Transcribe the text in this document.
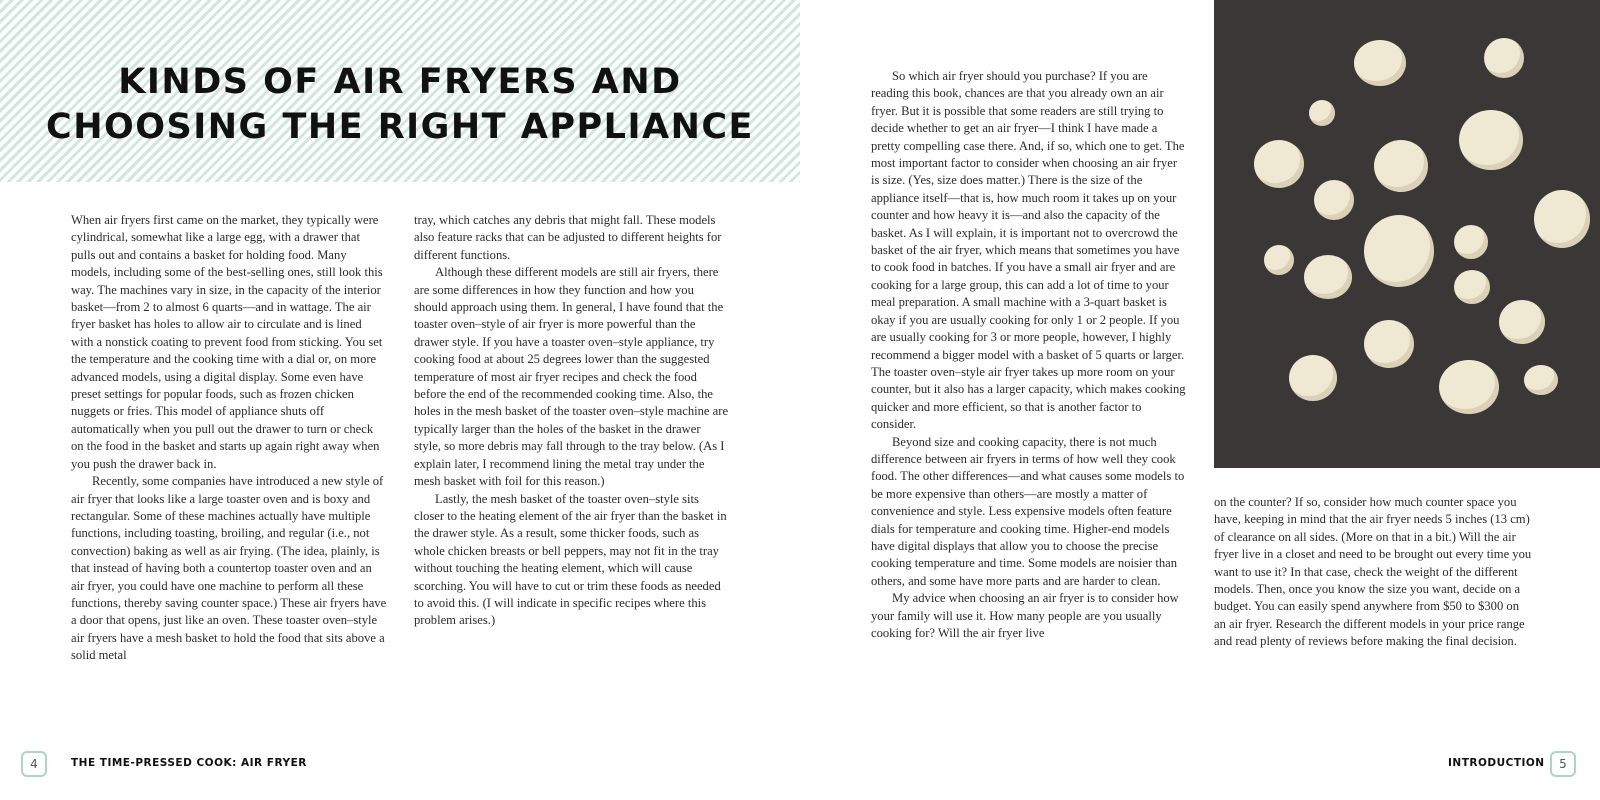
KINDS OF AIR FRYERS AND
CHOOSING THE RIGHT APPLIANCE

When air fryers first came on the market, they typically were cylindrical, somewhat like a large egg, with a drawer that pulls out and contains a basket for holding food. Many models, including some of the best-selling ones, still look this way. The machines vary in size, in the capacity of the interior basket—from 2 to almost 6 quarts—and in wattage. The air fryer basket has holes to allow air to circulate and is lined with a nonstick coating to prevent food from sticking. You set the temperature and the cooking time with a dial or, on more advanced models, using a digital display. Some even have preset settings for popular foods, such as frozen chicken nuggets or fries. This model of appliance shuts off automatically when you pull out the drawer to turn or check on the food in the basket and starts up again right away when you push the drawer back in.

Recently, some companies have introduced a new style of air fryer that looks like a large toaster oven and is boxy and rectangular. Some of these machines actually have multiple functions, including toasting, broiling, and regular (i.e., not convection) baking as well as air frying. (The idea, plainly, is that instead of having both a countertop toaster oven and an air fryer, you could have one machine to perform all these functions, thereby saving counter space.) These air fryers have a door that opens, just like an oven. These toaster oven–style air fryers have a mesh basket to hold the food that sits above a solid metal

tray, which catches any debris that might fall. These models also feature racks that can be adjusted to different heights for different functions.

Although these different models are still air fryers, there are some differences in how they function and how you should approach using them. In general, I have found that the toaster oven–style of air fryer is more powerful than the drawer style. If you have a toaster oven–style appliance, try cooking food at about 25 degrees lower than the suggested temperature of most air fryer recipes and check the food before the end of the recommended cooking time. Also, the holes in the mesh basket of the toaster oven–style machine are typically larger than the holes of the basket in the drawer style, so more debris may fall through to the tray below. (As I explain later, I recommend lining the metal tray under the mesh basket with foil for this reason.)

Lastly, the mesh basket of the toaster oven–style sits closer to the heating element of the air fryer than the basket in the drawer style. As a result, some thicker foods, such as whole chicken breasts or bell peppers, may not fit in the tray without touching the heating element, which will cause scorching. You will have to cut or trim these foods as needed to avoid this. (I will indicate in specific recipes where this problem arises.)

So which air fryer should you purchase? If you are reading this book, chances are that you already own an air fryer. But it is possible that some readers are still trying to decide whether to get an air fryer—I think I have made a pretty compelling case there. And, if so, which one to get. The most important factor to consider when choosing an air fryer is size. (Yes, size does matter.) There is the size of the appliance itself—that is, how much room it takes up on your counter and how heavy it is—and also the capacity of the basket. As I will explain, it is important not to overcrowd the basket of the air fryer, which means that sometimes you have to cook food in batches. If you have a small air fryer and are cooking for a large group, this can add a lot of time to your meal preparation. A small machine with a 3-quart basket is okay if you are usually cooking for only 1 or 2 people. If you are usually cooking for 3 or more people, however, I highly recommend a bigger model with a basket of 5 quarts or larger. The toaster oven–style air fryer takes up more room on your counter, but it also has a larger capacity, which makes cooking quicker and more efficient, so that is another factor to consider.

Beyond size and cooking capacity, there is not much difference between air fryers in terms of how well they cook food. The other differences—and what causes some models to be more expensive than others—are mostly a matter of convenience and style. Less expensive models often feature dials for temperature and cooking time. Higher-end models have digital displays that allow you to choose the precise cooking temperature and time. Some models are noisier than others, and some have more parts and are harder to clean.

My advice when choosing an air fryer is to consider how your family will use it. How many people are you usually cooking for? Will the air fryer live

on the counter? If so, consider how much counter space you have, keeping in mind that the air fryer needs 5 inches (13 cm) of clearance on all sides. (More on that in a bit.) Will the air fryer live in a closet and need to be brought out every time you want to use it? In that case, check the weight of the different models. Then, once you know the size you want, decide on a budget. You can easily spend anywhere from $50 to $300 on an air fryer. Research the different models in your price range and read plenty of reviews before making the final decision.

4	THE TIME-PRESSED COOK: AIR FRYER	INTRODUCTION	5
